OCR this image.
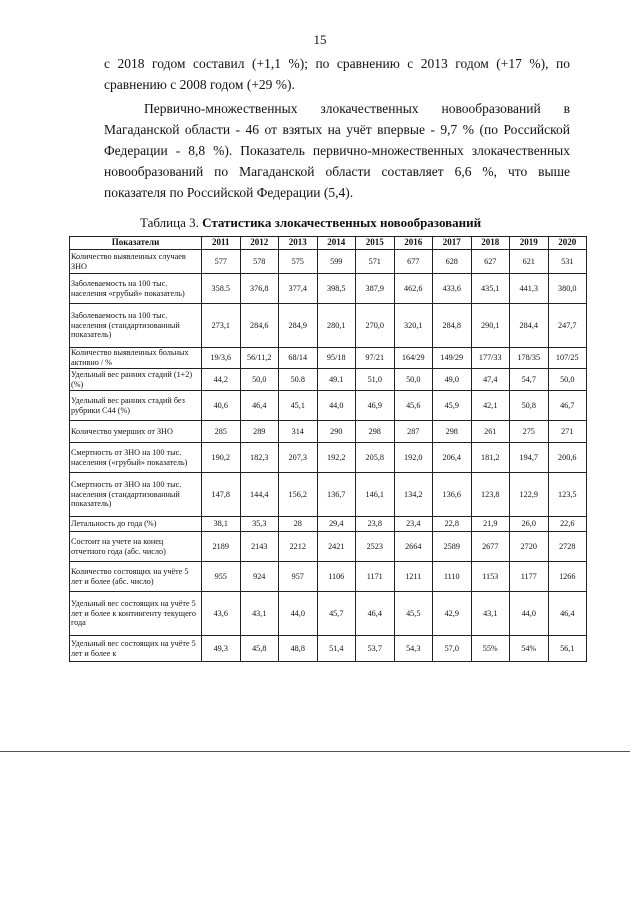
15
с 2018 годом составил (+1,1 %); по сравнению с 2013 годом (+17 %), по сравнению с 2008 годом (+29 %).
Первично-множественных злокачественных новообразований в Магаданской области - 46 от взятых на учёт впервые - 9,7 % (по Российской Федерации - 8,8 %). Показатель первично-множественных злокачественных новообразований по Магаданской области составляет 6,6 %, что выше показателя по Российской Федерации (5,4).
Таблица 3. Статистика злокачественных новообразований
Показатели	2011	2012	2013	2014	2015	2016	2017	2018	2019	2020
Количество выявленных случаев ЗНО	577	578	575	599	571	677	628	627	621	531
Заболеваемость на 100 тыс. населения «грубый» показатель)	358.5	376,8	377,4	398,5	387,9	462,6	433,6	435,1	441,3	380,0
Заболеваемость на 100 тыс. населения (стандартизованный показатель)	273,1	284,6	284,9	280,1	270,0	320,1	284,8	290,1	284,4	247,7
Количество выявленных больных активно / %	19/3,6	56/11,2	68/14	95/18	97/21	164/29	149/29	177/33	178/35	107/25
Удельный вес ранних стадий (1+2) (%)	44,2	50,0	50.8	49.1	51,0	50,0	49,0	47,4	54,7	50,0
Удельный вес ранних стадий без рубрики С44 (%)	40,6	46,4	45,1	44,0	46,9	45,6	45,9	42,1	50,8	46,7
Количество умерших от ЗНО	285	289	314	290	298	287	298	261	275	271
Смертность от ЗНО на 100 тыс. населения («грубый» показатель)	190,2	182,3	207,3	192,2	205,8	192,0	206,4	181,2	194,7	200,6
Смертность от ЗНО на 100 тыс. населения (стандартизованный показатель)	147,8	144,4	156,2	136,7	146,1	134,2	136,6	123,8	122,9	123,5
Летальность до года (%)	38,1	35,3	28	29,4	23,8	23,4	22,8	21,9	26,0	22,6
Состоит на учете на конец отчетного года (абс. число)	2189	2143	2212	2421	2523	2664	2589	2677	2720	2728
Количество состоящих на учёте 5 лет и более (абс. число)	955	924	957	1106	1171	1211	1110	1153	1177	1266
Удельный вес состоящих на учёте 5 лет и более к контингенту текущего года	43,6	43,1	44,0	45,7	46,4	45,5	42,9	43,1	44,0	46,4
Удельный вес состоящих на учёте 5 лет и более к	49,3	45,8	48,8	51,4	53,7	54,3	57,0	55%	54%	56,1
